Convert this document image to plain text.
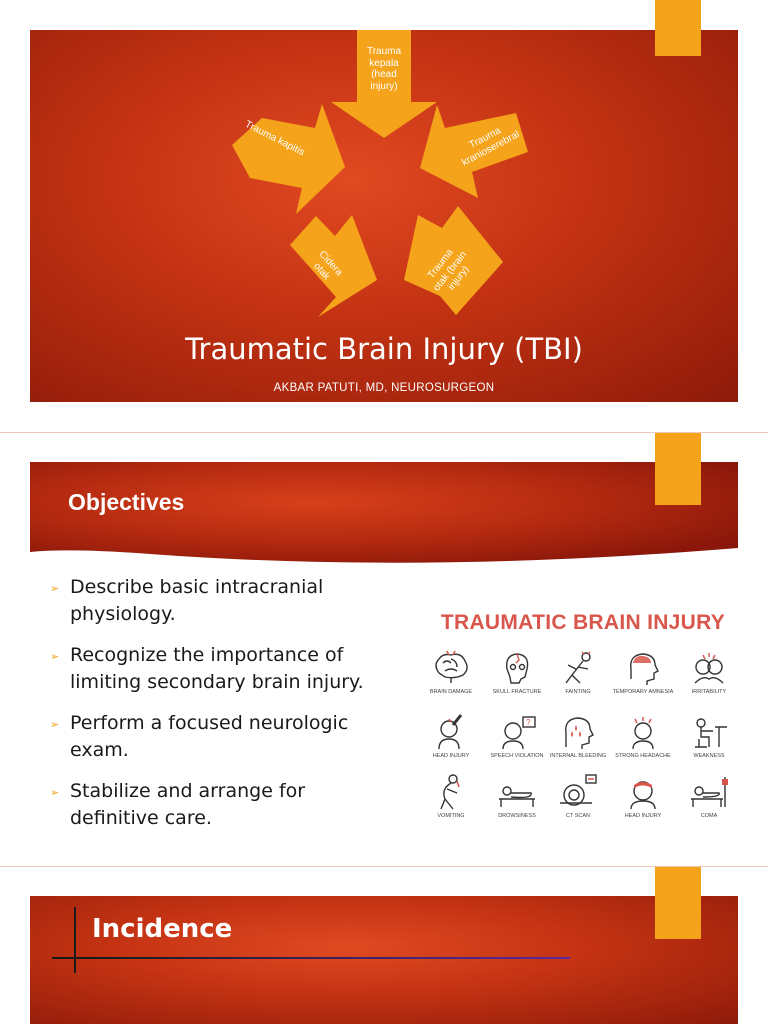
Trauma kepala (head injury)
Trauma kapitis	Trauma kranioserebral
Cidera otak	Trauma otak (brain injury)
Traumatic Brain Injury (TBI)
AKBAR PATUTI, MD, NEUROSURGEON
Objectives
➢ Describe basic intracranial physiology.
➢ Recognize the importance of limiting secondary brain injury.
➢ Perform a focused neurologic exam.
➢ Stabilize and arrange for definitive care.
TRAUMATIC BRAIN INJURY
BRAIN DAMAGE	SKULL FRACTURE	FAINTING	TEMPORARY AMNESIA	IRRITABILITY
HEAD INJURY
?
SPEECH VIOLATION	INTERNAL BLEEDING	STRONG HEADACHE	WEAKNESS
VOMITING	DROWSINESS	CT SCAN	HEAD INJURY	COMA
Incidence
